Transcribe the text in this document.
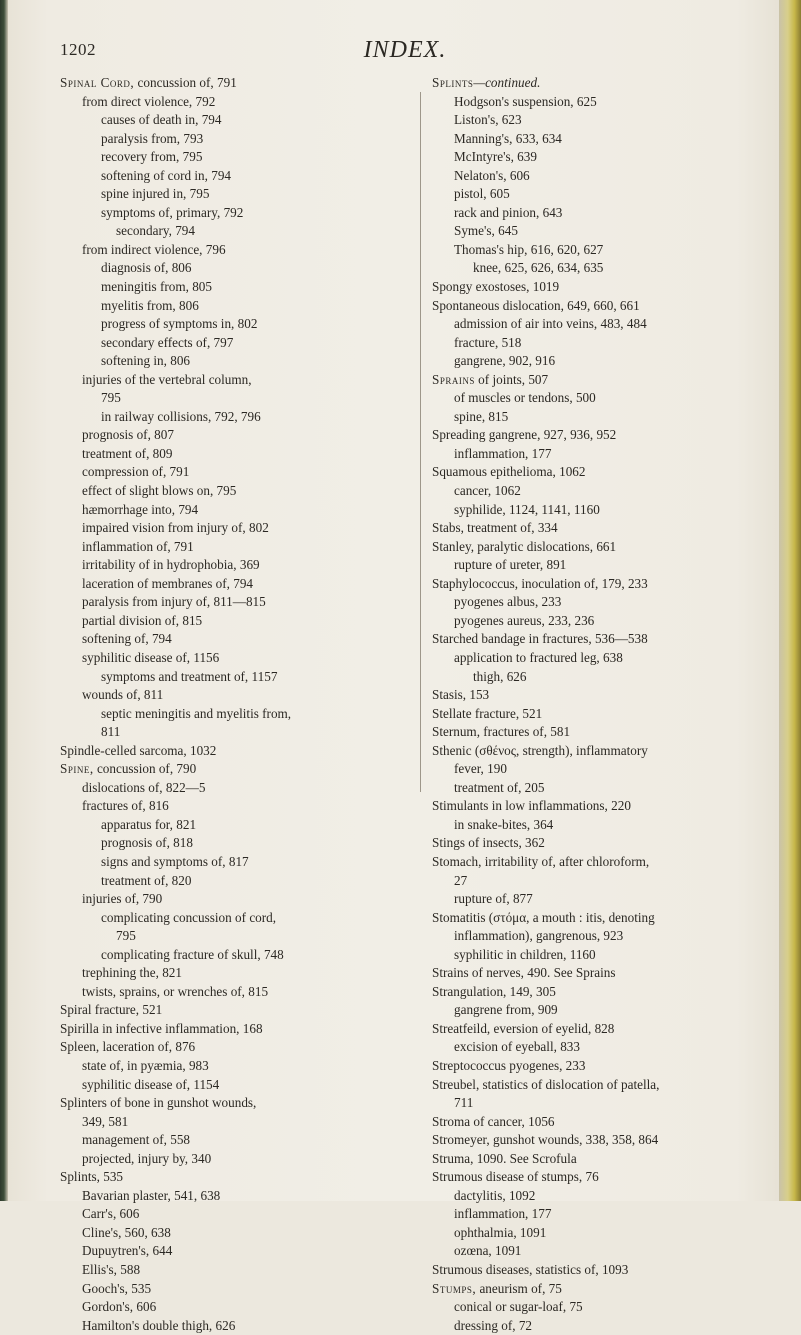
1202	INDEX.
Spinal Cord, concussion of, 791
from direct violence, 792
causes of death in, 794
paralysis from, 793
recovery from, 795
softening of cord in, 794
spine injured in, 795
symptoms of, primary, 792
secondary, 794
from indirect violence, 796
diagnosis of, 806
meningitis from, 805
myelitis from, 806
progress of symptoms in, 802
secondary effects of, 797
softening in, 806
injuries of the vertebral column,
795
in railway collisions, 792, 796
prognosis of, 807
treatment of, 809
compression of, 791
effect of slight blows on, 795
hæmorrhage into, 794
impaired vision from injury of, 802
inflammation of, 791
irritability of in hydrophobia, 369
laceration of membranes of, 794
paralysis from injury of, 811—815
partial division of, 815
softening of, 794
syphilitic disease of, 1156
symptoms and treatment of, 1157
wounds of, 811
septic meningitis and myelitis from,
811
Spindle-celled sarcoma, 1032
Spine, concussion of, 790
dislocations of, 822—5
fractures of, 816
apparatus for, 821
prognosis of, 818
signs and symptoms of, 817
treatment of, 820
injuries of, 790
complicating concussion of cord,
795
complicating fracture of skull, 748
trephining the, 821
twists, sprains, or wrenches of, 815
Spiral fracture, 521
Spirilla in infective inflammation, 168
Spleen, laceration of, 876
state of, in pyæmia, 983
syphilitic disease of, 1154
Splinters of bone in gunshot wounds,
349, 581
management of, 558
projected, injury by, 340
Splints, 535
Bavarian plaster, 541, 638
Carr's, 606
Cline's, 560, 638
Dupuytren's, 644
Ellis's, 588
Gooch's, 535
Gordon's, 606
Hamilton's double thigh, 626
Splints—continued.
Hodgson's suspension, 625
Liston's, 623
Manning's, 633, 634
McIntyre's, 639
Nelaton's, 606
pistol, 605
rack and pinion, 643
Syme's, 645
Thomas's hip, 616, 620, 627
knee, 625, 626, 634, 635
Spongy exostoses, 1019
Spontaneous dislocation, 649, 660, 661
admission of air into veins, 483, 484
fracture, 518
gangrene, 902, 916
Sprains of joints, 507
of muscles or tendons, 500
spine, 815
Spreading gangrene, 927, 936, 952
inflammation, 177
Squamous epithelioma, 1062
cancer, 1062
syphilide, 1124, 1141, 1160
Stabs, treatment of, 334
Stanley, paralytic dislocations, 661
rupture of ureter, 891
Staphylococcus, inoculation of, 179, 233
pyogenes albus, 233
pyogenes aureus, 233, 236
Starched bandage in fractures, 536—538
application to fractured leg, 638
thigh, 626
Stasis, 153
Stellate fracture, 521
Sternum, fractures of, 581
Sthenic (σθένος, strength), inflammatory
fever, 190
treatment of, 205
Stimulants in low inflammations, 220
in snake-bites, 364
Stings of insects, 362
Stomach, irritability of, after chloroform,
27
rupture of, 877
Stomatitis (στόμα, a mouth : itis, denoting
inflammation), gangrenous, 923
syphilitic in children, 1160
Strains of nerves, 490. See Sprains
Strangulation, 149, 305
gangrene from, 909
Streatfeild, eversion of eyelid, 828
excision of eyeball, 833
Streptococcus pyogenes, 233
Streubel, statistics of dislocation of patella,
711
Stroma of cancer, 1056
Stromeyer, gunshot wounds, 338, 358, 864
Struma, 1090. See Scrofula
Strumous disease of stumps, 76
dactylitis, 1092
inflammation, 177
ophthalmia, 1091
ozœna, 1091
Strumous diseases, statistics of, 1093
Stumps, aneurism of, 75
conical or sugar-loaf, 75
dressing of, 72
